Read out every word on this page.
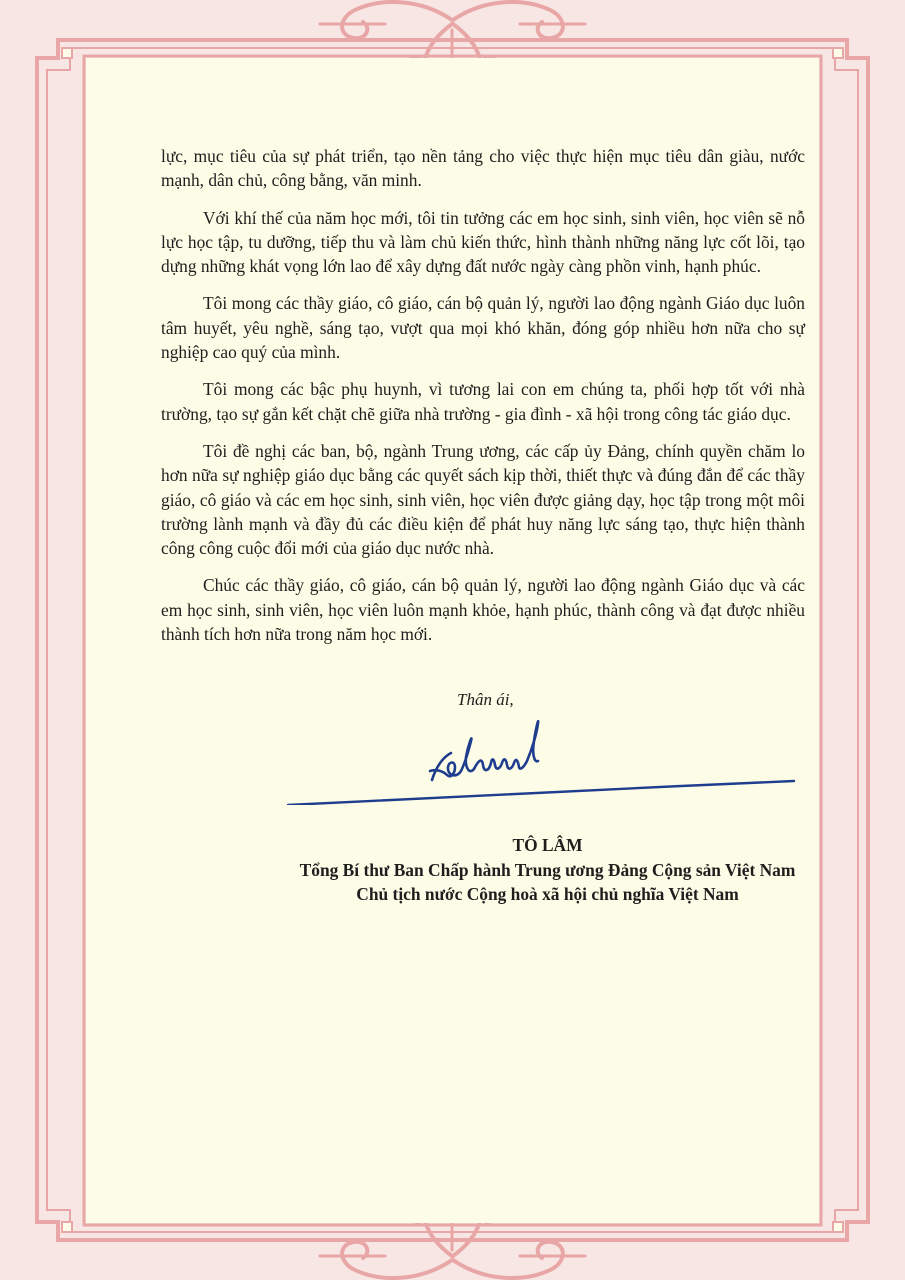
lực, mục tiêu của sự phát triển, tạo nền tảng cho việc thực hiện mục tiêu dân giàu, nước mạnh, dân chủ, công bằng, văn minh.

Với khí thế của năm học mới, tôi tin tưởng các em học sinh, sinh viên, học viên sẽ nỗ lực học tập, tu dưỡng, tiếp thu và làm chủ kiến thức, hình thành những năng lực cốt lõi, tạo dựng những khát vọng lớn lao để xây dựng đất nước ngày càng phồn vinh, hạnh phúc.

Tôi mong các thầy giáo, cô giáo, cán bộ quản lý, người lao động ngành Giáo dục luôn tâm huyết, yêu nghề, sáng tạo, vượt qua mọi khó khăn, đóng góp nhiều hơn nữa cho sự nghiệp cao quý của mình.

Tôi mong các bậc phụ huynh, vì tương lai con em chúng ta, phối hợp tốt với nhà trường, tạo sự gắn kết chặt chẽ giữa nhà trường - gia đình - xã hội trong công tác giáo dục.

Tôi đề nghị các ban, bộ, ngành Trung ương, các cấp ủy Đảng, chính quyền chăm lo hơn nữa sự nghiệp giáo dục bằng các quyết sách kịp thời, thiết thực và đúng đắn để các thầy giáo, cô giáo và các em học sinh, sinh viên, học viên được giảng dạy, học tập trong một môi trường lành mạnh và đầy đủ các điều kiện để phát huy năng lực sáng tạo, thực hiện thành công công cuộc đổi mới của giáo dục nước nhà.

Chúc các thầy giáo, cô giáo, cán bộ quản lý, người lao động ngành Giáo dục và các em học sinh, sinh viên, học viên luôn mạnh khỏe, hạnh phúc, thành công và đạt được nhiều thành tích hơn nữa trong năm học mới.

Thân ái,
TÔ LÂM
Tổng Bí thư Ban Chấp hành Trung ương Đảng Cộng sản Việt Nam
Chủ tịch nước Cộng hoà xã hội chủ nghĩa Việt Nam
